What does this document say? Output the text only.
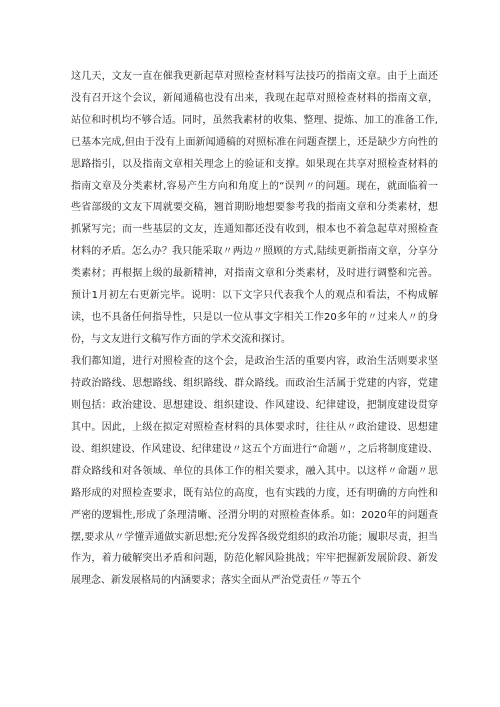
这几天，文友一直在催我更新起草对照检查材料写法技巧的指南文章。由于上面还没有召开这个会议，新闻通稿也没有出来，我现在起草对照检查材料的指南文章，站位和时机均不够合适。同时，虽然我素材的收集、整理、提炼、加工的准备工作,已基本完成,但由于没有上面新闻通稿的对照标准在问题查摆上，还是缺少方向性的思路指引，以及指南文章相关理念上的验证和支撑。如果现在共享对照检查材料的指南文章及分类素材,容易产生方向和角度上的“误判〃的问题。现在，就面临着一些省部级的文友下周就要交稿，翘首期盼地想要参考我的指南文章和分类素材，想抓紧写完；而一些基层的文友，连通知都还没有收到，根本也不着急起草对照检查材料的矛盾。怎么办？我只能采取〃两边〃照顾的方式,陆续更新指南文章，分享分类素材；再根据上级的最新精神，对指南文章和分类素材，及时进行调整和完善。预计1月初左右更新完毕。说明：以下文字只代表我个人的观点和看法，不构成解读，也不具备任何指导性，只是以一位从事文字相关工作20多年的〃过来人〃的身份，与文友进行文稿写作方面的学术交流和探讨。

我们都知道，进行对照检查的这个会，是政治生活的重要内容，政治生活则要求坚持政治路线、思想路线、组织路线、群众路线。而政治生活属于党建的内容，党建则包括：政治建设、思想建设、组织建设、作风建设、纪律建设，把制度建设贯穿其中。因此，上级在拟定对照检查材料的具体要求时，往往从〃政治建设、思想建设、组织建设、作风建设、纪律建设〃这五个方面进行“命题〃，之后将制度建设、群众路线和对各领域、单位的具体工作的相关要求，融入其中。以这样〃命题〃思路形成的对照检查要求，既有站位的高度，也有实践的力度，还有明确的方向性和严密的逻辑性,形成了条理清晰、泾渭分明的对照检查体系。如：2020年的问题查摆,要求从〃学懂弄通做实新思想;充分发挥各级党组织的政治功能；履职尽责，担当作为，着力破解突出矛盾和问题，防范化解风险挑战；牢牢把握新发展阶段、新发展理念、新发展格局的内涵要求；落实全面从严治党责任〃等五个
